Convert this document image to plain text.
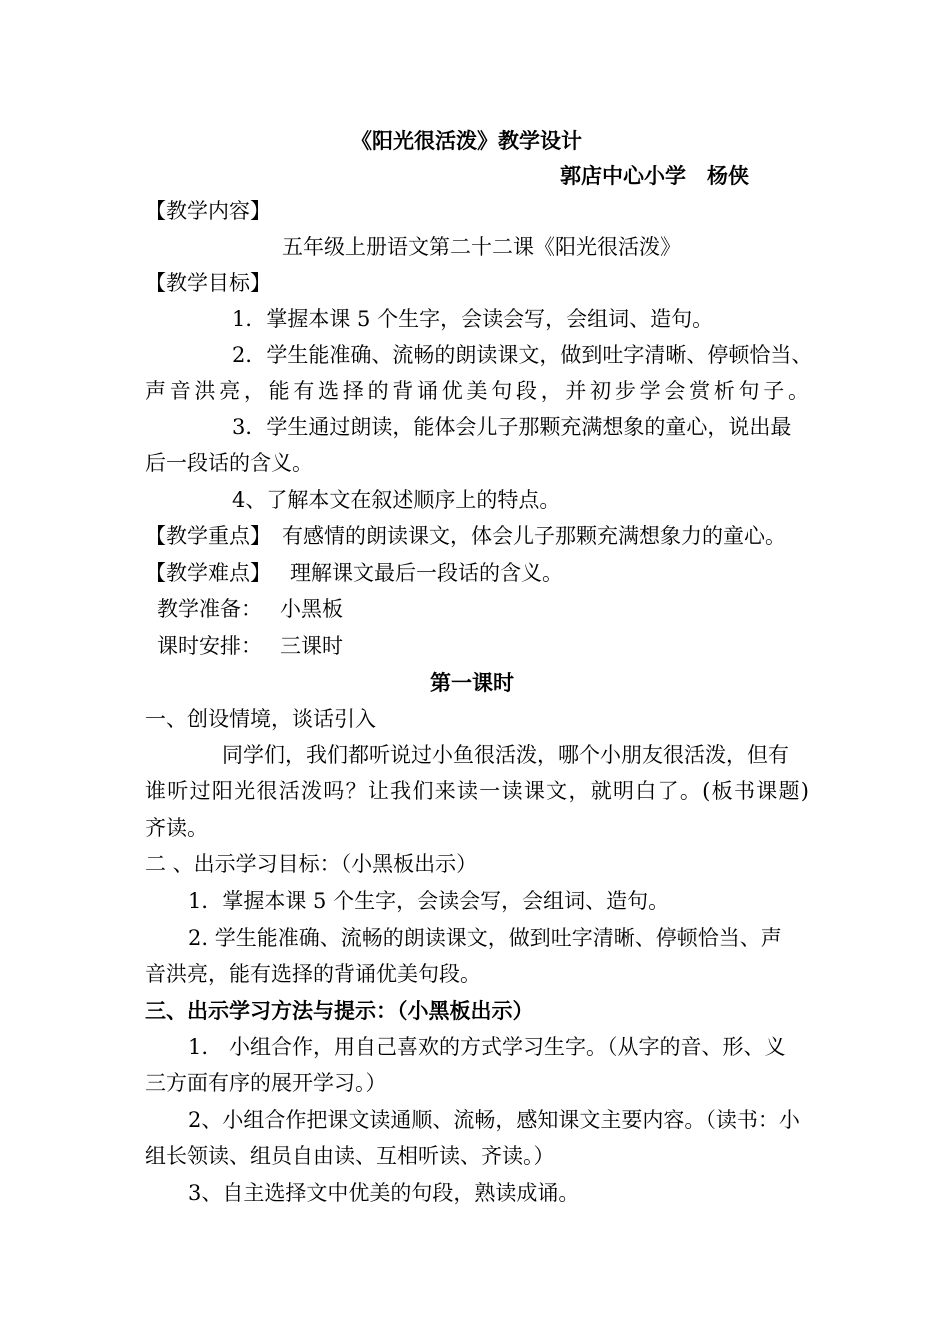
《阳光很活泼》教学设计
郭店中心小学　杨侠
【教学内容】
五年级上册语文第二十二课《阳光很活泼》
【教学目标】
1．掌握本课 5 个生字，会读会写，会组词、造句。
2．学生能准确、流畅的朗读课文，做到吐字清晰、停顿恰当、
声音洪亮，能有选择的背诵优美句段，并初步学会赏析句子。
3．学生通过朗读，能体会儿子那颗充满想象的童心，说出最
后一段话的含义。
4、了解本文在叙述顺序上的特点。
【教学重点】 有感情的朗读课文，体会儿子那颗充满想象力的童心。
【教学难点】 理解课文最后一段话的含义。
教学准备： 小黑板
课时安排： 三课时
第一课时
一、创设情境，谈话引入
同学们，我们都听说过小鱼很活泼，哪个小朋友很活泼，但有
谁听过阳光很活泼吗？让我们来读一读课文，就明白了。(板书课题)
齐读。
二 、出示学习目标：（小黑板出示）
1．掌握本课 5 个生字，会读会写，会组词、造句。
2. 学生能准确、流畅的朗读课文，做到吐字清晰、停顿恰当、声
音洪亮，能有选择的背诵优美句段。
三、出示学习方法与提示：（小黑板出示）
1.　小组合作，用自己喜欢的方式学习生字。（从字的音、形、义
三方面有序的展开学习。）
2、小组合作把课文读通顺、流畅，感知课文主要内容。（读书：小
组长领读、组员自由读、互相听读、齐读。）
3、自主选择文中优美的句段，熟读成诵。
